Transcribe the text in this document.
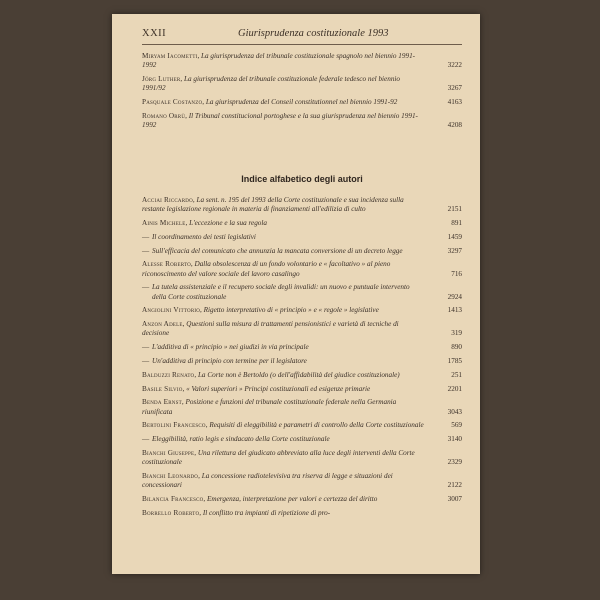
XXII	Giurisprudenza costituzionale 1993
Miryam Iacometti, La giurisprudenza del tribunale costituzionale spagnolo nel biennio 1991-1992	3222
Jörg Luther, La giurisprudenza del tribunale costituzionale federale tedesco nel biennio 1991/92	3267
Pasquale Costanzo, La giurisprudenza del Conseil constitutionnel nel biennio 1991-92	4163
Romano Orrù, Il Tribunal constitucional portoghese e la sua giurisprudenza nel biennio 1991-1992	4208
Indice alfabetico degli autori
Acciai Riccardo, La sent. n. 195 del 1993 della Corte costituzionale e sua incidenza sulla restante legislazione regionale in materia di finanziamenti all'edilizia di culto	2151
Ainis Michele, L'eccezione e la sua regola	891
— Il coordinamento dei testi legislativi	1459
— Sull'efficacia del comunicato che annunzia la mancata conversione di un decreto legge	3297
Alesse Roberto, Dalla obsolescenza di un fondo volontario e « facoltativo » al pieno riconoscimento del valore sociale del lavoro casalingo	716
— La tutela assistenziale e il recupero sociale degli invalidi: un nuovo e puntuale intervento della Corte costituzionale	2924
Angiolini Vittorio, Rigetto interpretativo di « principio » e « regole » legislative	1413
Anzon Adele, Questioni sulla misura di trattamenti pensionistici e varietà di tecniche di decisione	319
— L'additiva di « principio » nei giudizi in via principale	890
— Un'additiva di principio con termine per il legislatore	1785
Balduzzi Renato, La Corte non è Bertoldo (o dell'affidabilità del giudice costituzionale)	251
Basile Silvio, « Valori superiori » Principi costituzionali ed esigenze primarie	2201
Benda Ernst, Posizione e funzioni del tribunale costituzionale federale nella Germania riunificata	3043
Bertolini Francesco, Requisiti di eleggibilità e parametri di controllo della Corte costituzionale	569
— Eleggibilità, ratio legis e sindacato della Corte costituzionale	3140
Bianchi Giuseppe, Una rilettura del giudicato abbreviato alla luce degli interventi della Corte costituzionale	2329
Bianchi Leonardo, La concessione radiotelevisiva tra riserva di legge e situazioni dei concessionari	2122
Bilancia Francesco, Emergenza, interpretazione per valori e certezza del diritto	3007
Borrello Roberto, Il conflitto tra impianti di ripetizione di pro-
